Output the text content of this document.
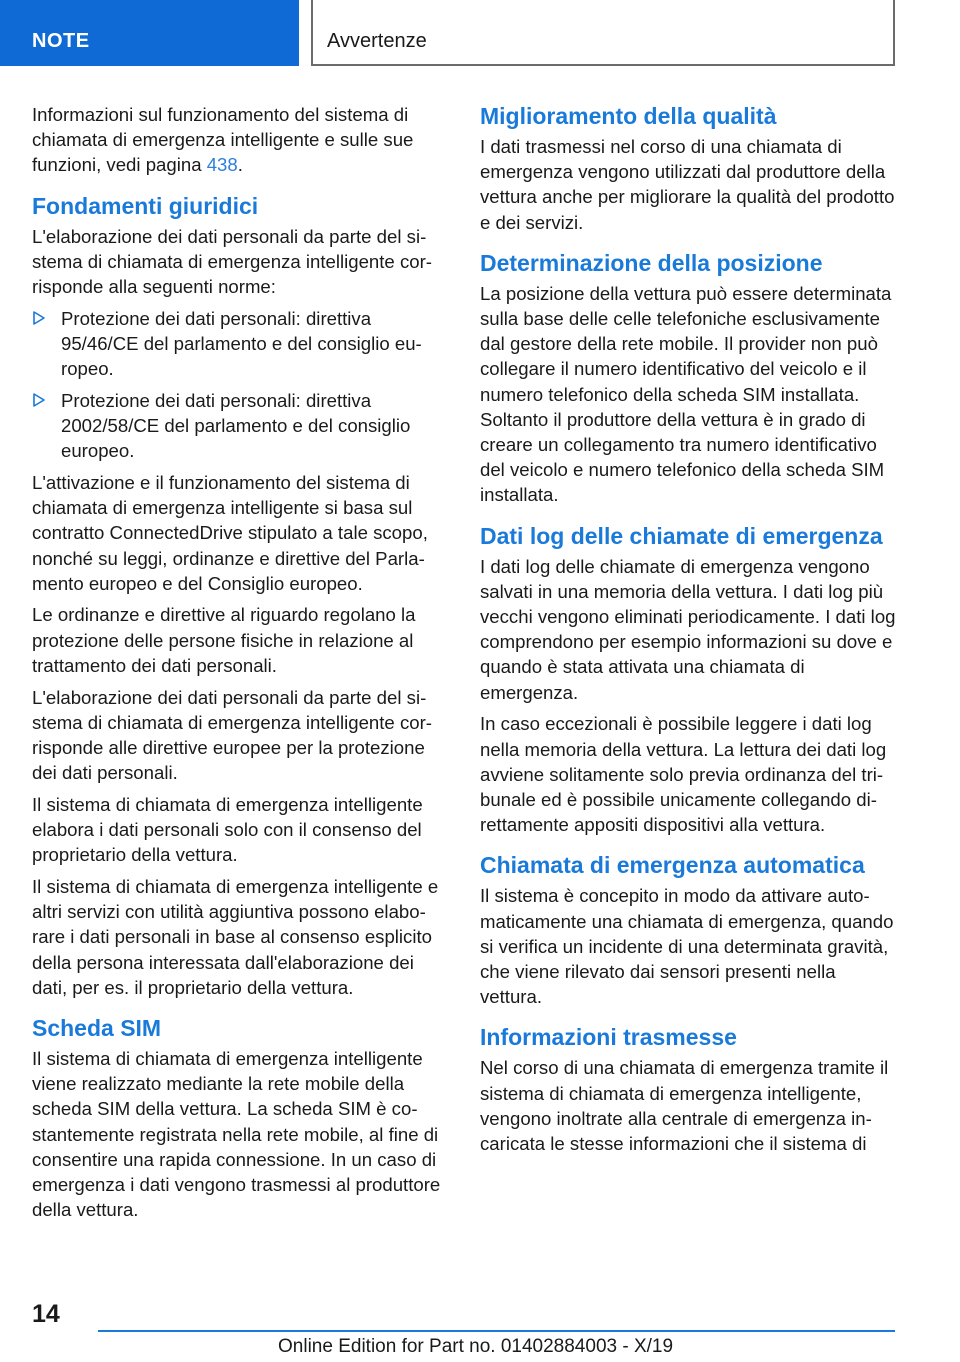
NOTE	Avvertenze

Informazioni sul funzionamento del sistema di chiamata di emergenza intelligente e sulle sue funzioni, vedi pagina 438.

Fondamenti giuridici

L'elaborazione dei dati personali da parte del sistema di chiamata di emergenza intelligente corrisponde alla seguenti norme:

Protezione dei dati personali: direttiva 95/46/CE del parlamento e del consiglio europeo.
Protezione dei dati personali: direttiva 2002/58/CE del parlamento e del consiglio europeo.

L'attivazione e il funzionamento del sistema di chiamata di emergenza intelligente si basa sul contratto ConnectedDrive stipulato a tale scopo, nonché su leggi, ordinanze e direttive del Parlamento europeo e del Consiglio europeo.

Le ordinanze e direttive al riguardo regolano la protezione delle persone fisiche in relazione al trattamento dei dati personali.

L'elaborazione dei dati personali da parte del sistema di chiamata di emergenza intelligente corrisponde alle direttive europee per la protezione dei dati personali.

Il sistema di chiamata di emergenza intelligente elabora i dati personali solo con il consenso del proprietario della vettura.

Il sistema di chiamata di emergenza intelligente e altri servizi con utilità aggiuntiva possono elaborare i dati personali in base al consenso esplicito della persona interessata dall'elaborazione dei dati, per es. il proprietario della vettura.

Scheda SIM

Il sistema di chiamata di emergenza intelligente viene realizzato mediante la rete mobile della scheda SIM della vettura. La scheda SIM è costantemente registrata nella rete mobile, al fine di consentire una rapida connessione. In un caso di emergenza i dati vengono trasmessi al produttore della vettura.

Miglioramento della qualità

I dati trasmessi nel corso di una chiamata di emergenza vengono utilizzati dal produttore della vettura anche per migliorare la qualità del prodotto e dei servizi.

Determinazione della posizione

La posizione della vettura può essere determinata sulla base delle celle telefoniche esclusivamente dal gestore della rete mobile. Il provider non può collegare il numero identificativo del veicolo e il numero telefonico della scheda SIM installata. Soltanto il produttore della vettura è in grado di creare un collegamento tra numero identificativo del veicolo e numero telefonico della scheda SIM installata.

Dati log delle chiamate di emergenza

I dati log delle chiamate di emergenza vengono salvati in una memoria della vettura. I dati log più vecchi vengono eliminati periodicamente. I dati log comprendono per esempio informazioni su dove e quando è stata attivata una chiamata di emergenza.

In caso eccezionali è possibile leggere i dati log nella memoria della vettura. La lettura dei dati log avviene solitamente solo previa ordinanza del tribunale ed è possibile unicamente collegando direttamente appositi dispositivi alla vettura.

Chiamata di emergenza automatica

Il sistema è concepito in modo da attivare automaticamente una chiamata di emergenza, quando si verifica un incidente di una determinata gravità, che viene rilevato dai sensori presenti nella vettura.

Informazioni trasmesse

Nel corso di una chiamata di emergenza tramite il sistema di chiamata di emergenza intelligente, vengono inoltrate alla centrale di emergenza incaricata le stesse informazioni che il sistema di

14
Online Edition for Part no. 01402884003 - X/19
